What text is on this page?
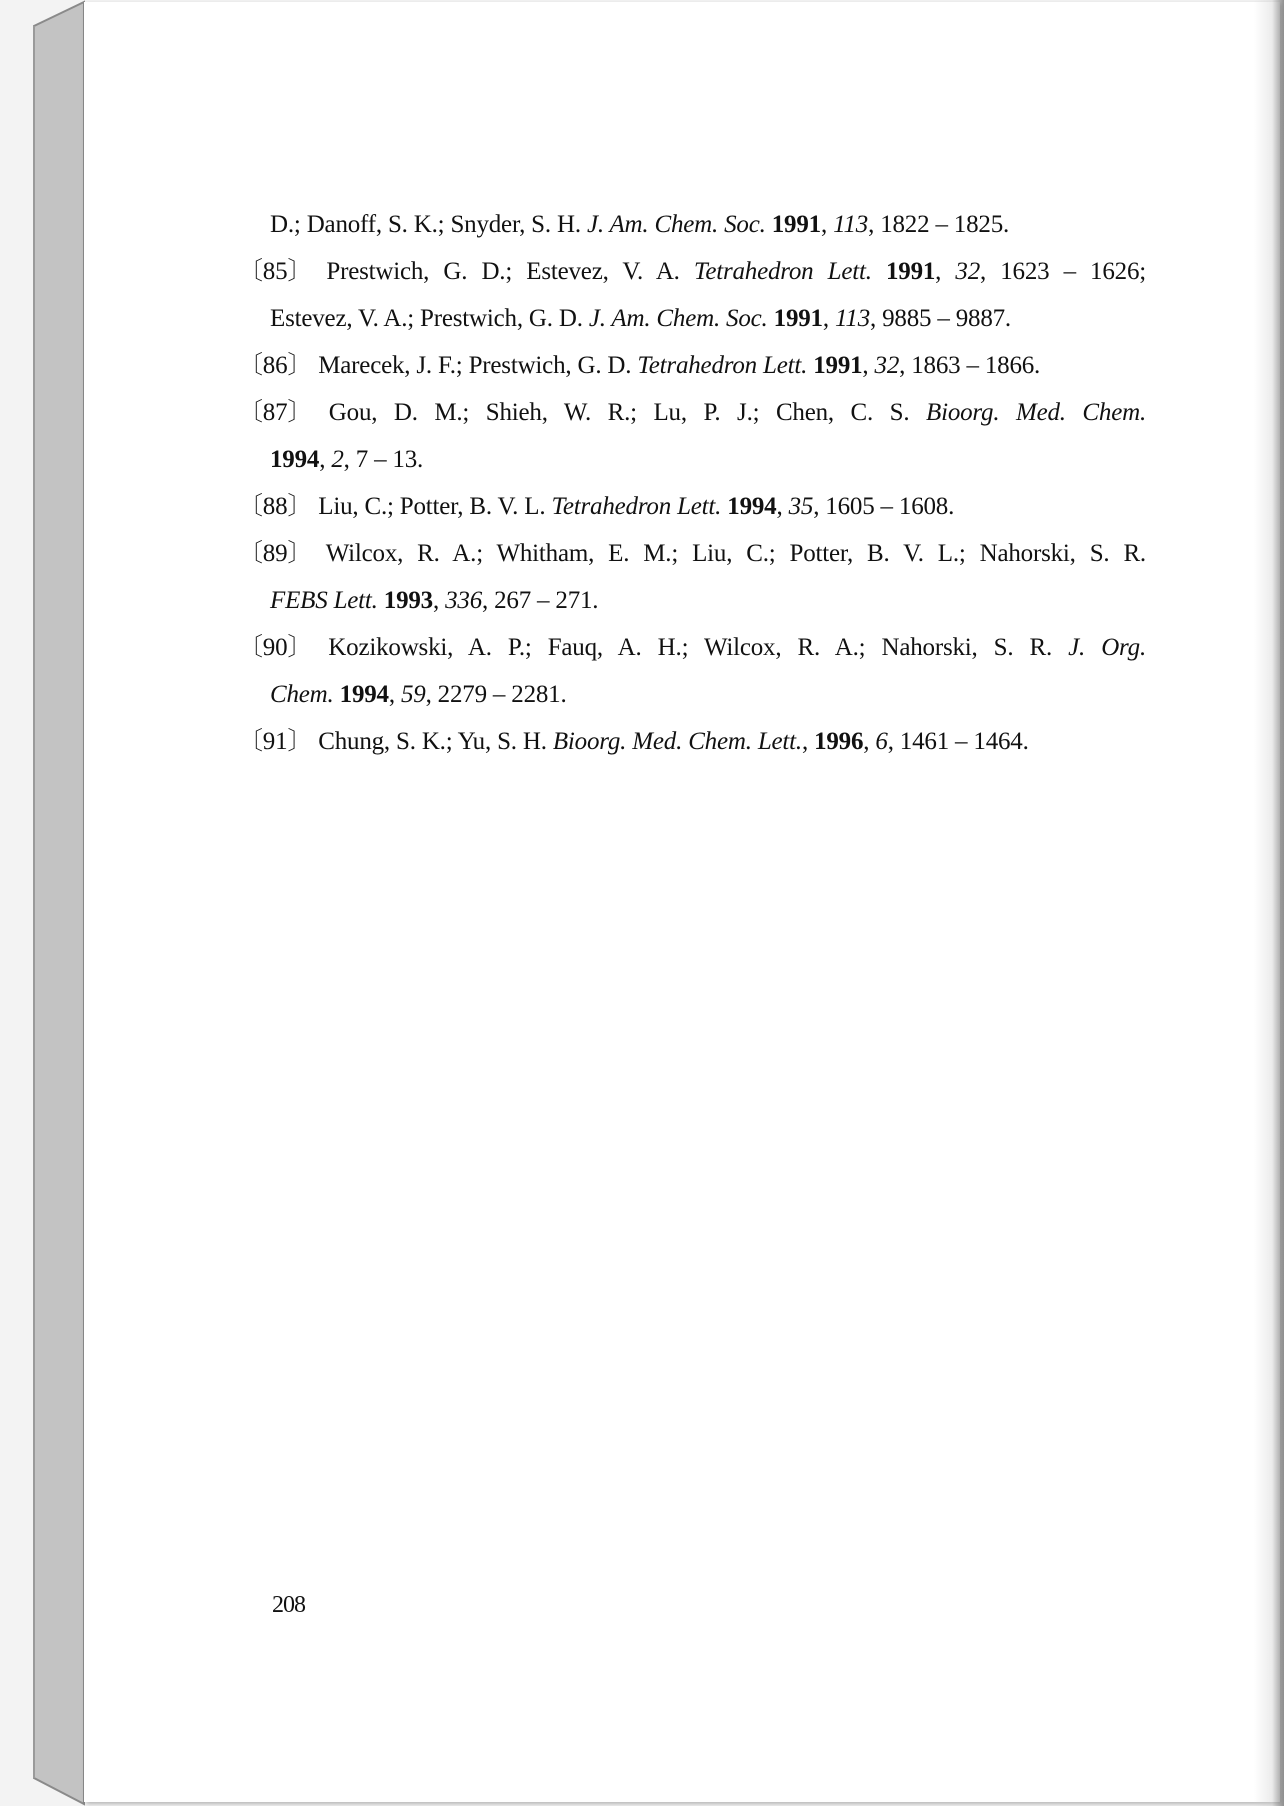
D.; Danoff, S. K.; Snyder, S. H. J. Am. Chem. Soc. 1991, 113, 1822 – 1825.
〔85〕 Prestwich, G. D.; Estevez, V. A. Tetrahedron Lett. 1991, 32, 1623 – 1626;
Estevez, V. A.; Prestwich, G. D. J. Am. Chem. Soc. 1991, 113, 9885 – 9887.
〔86〕 Marecek, J. F.; Prestwich, G. D. Tetrahedron Lett. 1991, 32, 1863 – 1866.
〔87〕 Gou, D. M.; Shieh, W. R.; Lu, P. J.; Chen, C. S. Bioorg. Med. Chem.
1994, 2, 7 – 13.
〔88〕 Liu, C.; Potter, B. V. L. Tetrahedron Lett. 1994, 35, 1605 – 1608.
〔89〕 Wilcox, R. A.; Whitham, E. M.; Liu, C.; Potter, B. V. L.; Nahorski, S. R.
FEBS Lett. 1993, 336, 267 – 271.
〔90〕 Kozikowski, A. P.; Fauq, A. H.; Wilcox, R. A.; Nahorski, S. R. J. Org.
Chem. 1994, 59, 2279 – 2281.
〔91〕 Chung, S. K.; Yu, S. H. Bioorg. Med. Chem. Lett., 1996, 6, 1461 – 1464.
208
